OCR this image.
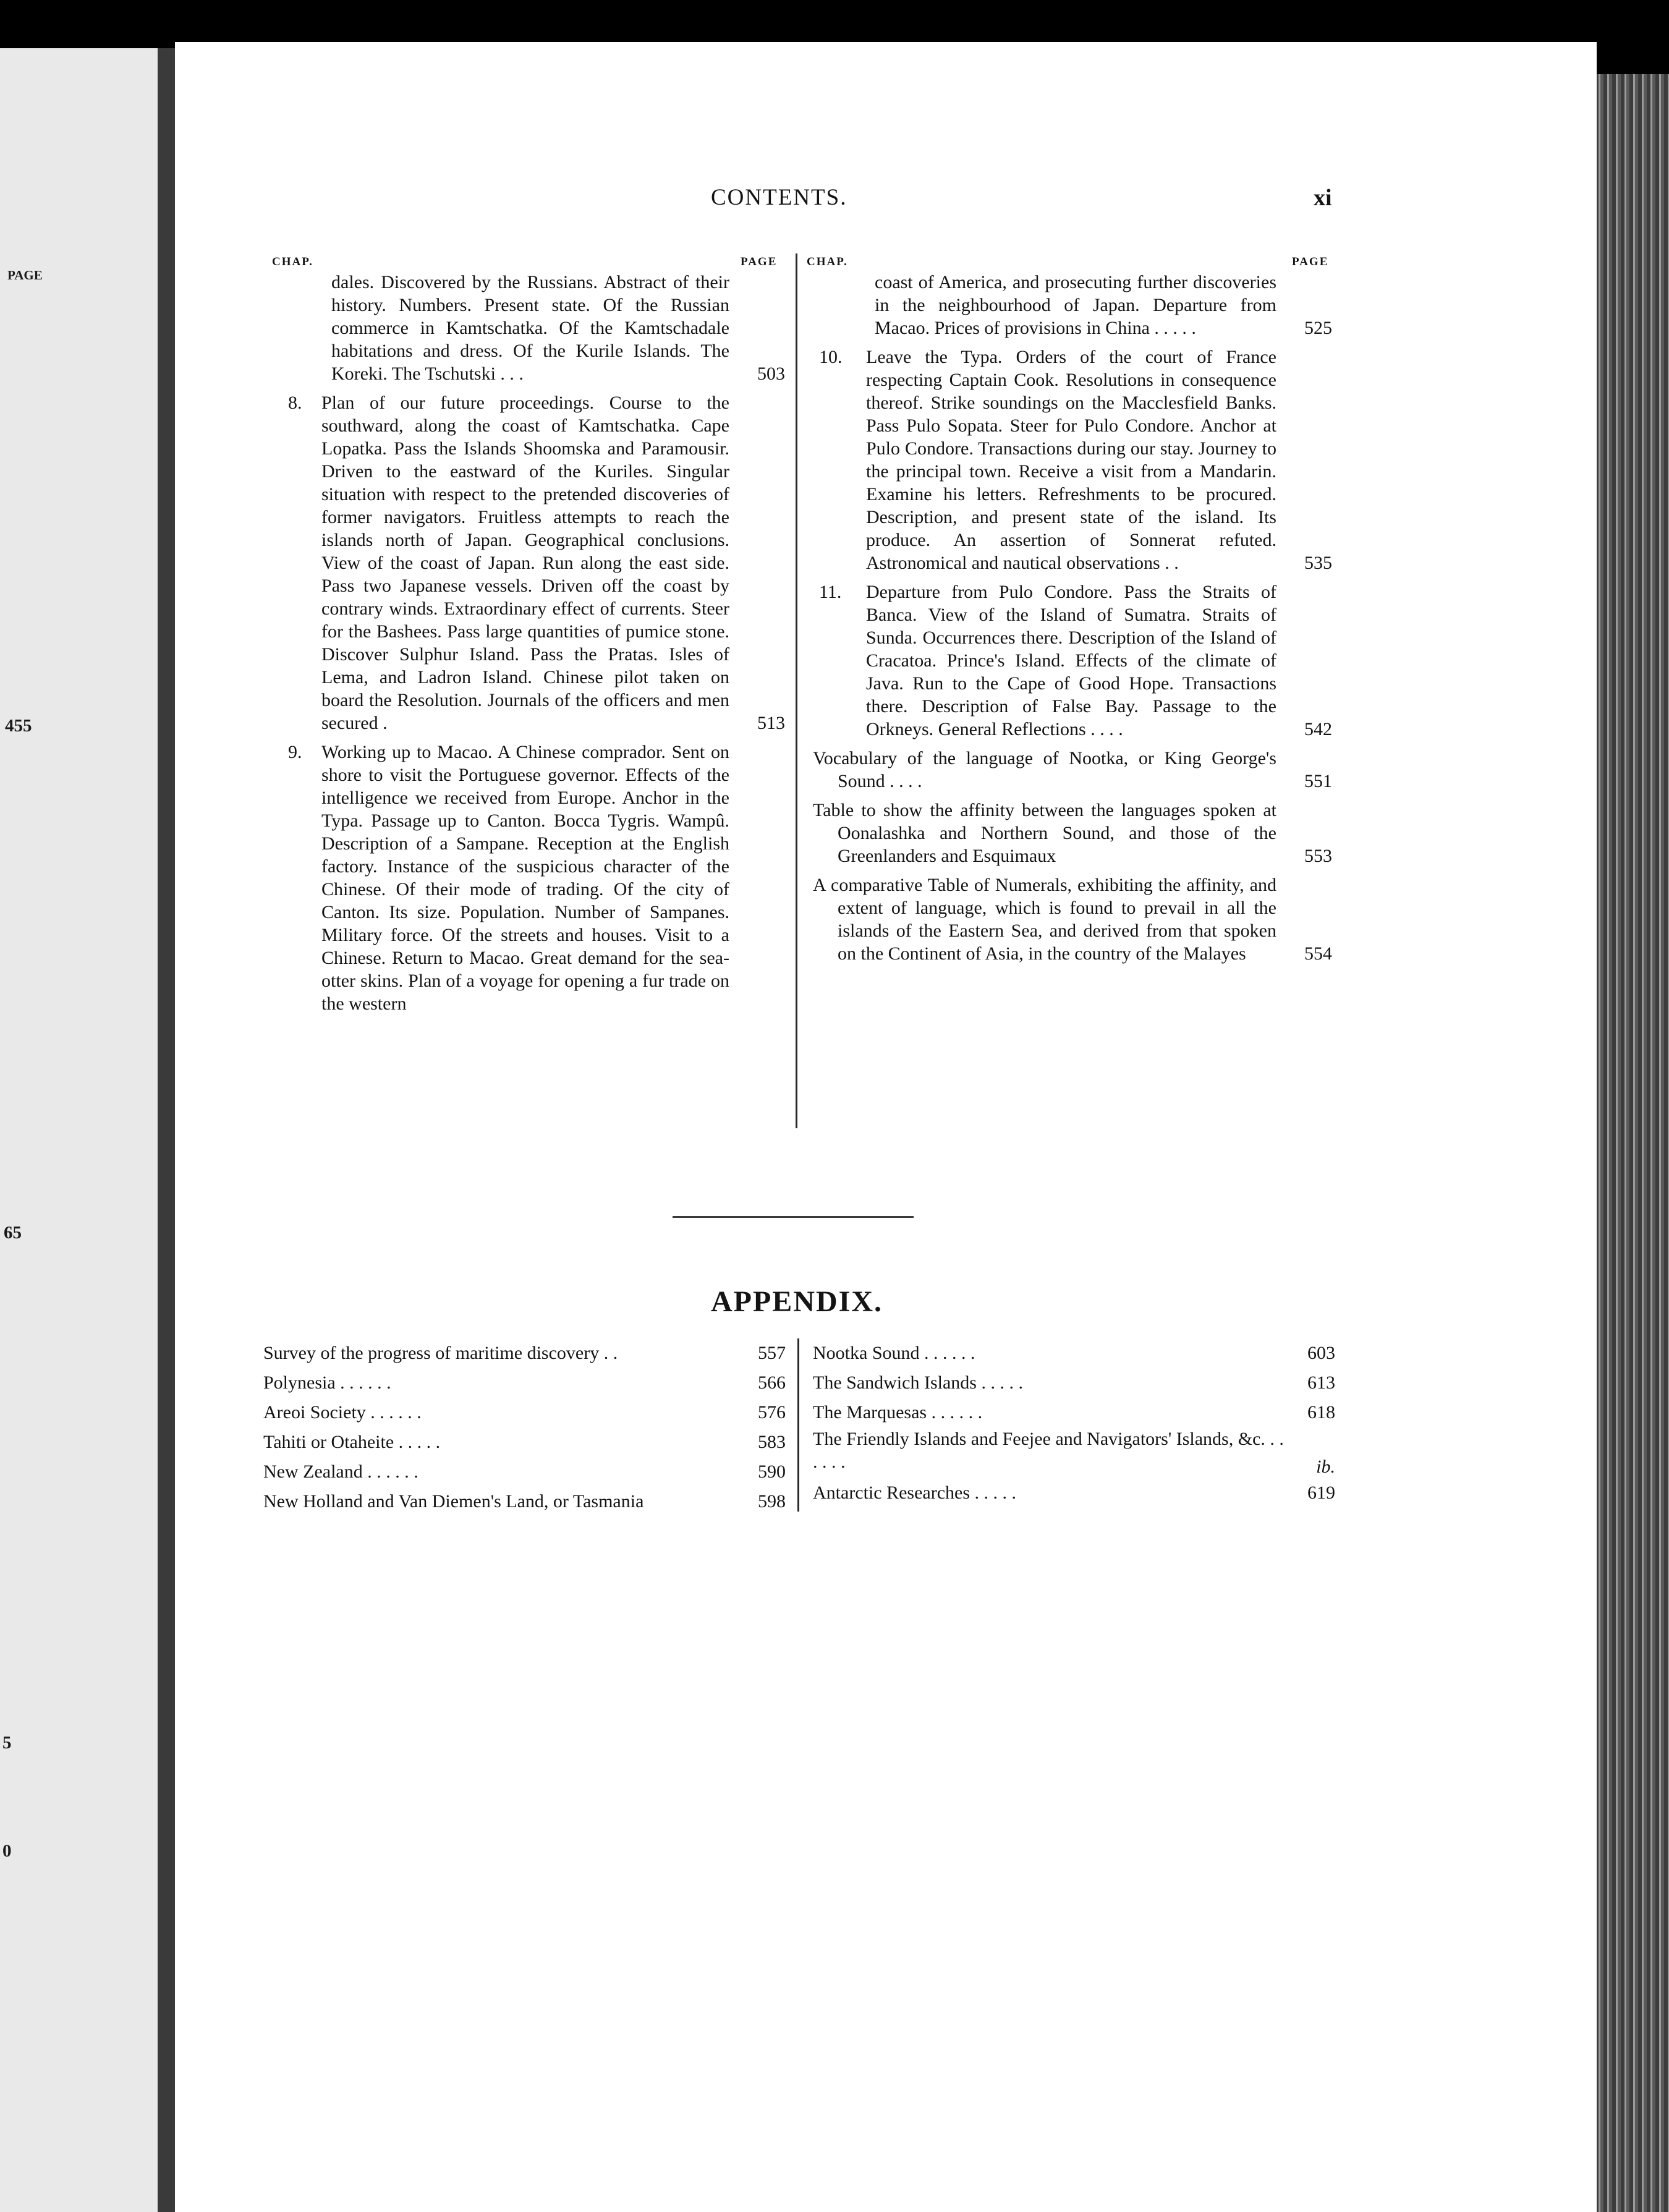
PAGE
455
65
5
0
CONTENTS.	xi
CHAP.	PAGE	CHAP.	PAGE
dales. Discovered by the Russians. Abstract of their history. Numbers. Present state. Of the Russian commerce in Kamtschatka. Of the Kamtschadale habitations and dress. Of the Kurile Islands. The Koreki. The Tschutski . . .	503
8. Plan of our future proceedings. Course to the southward, along the coast of Kamtschatka. Cape Lopatka. Pass the Islands Shoomska and Paramousir. Driven to the eastward of the Kuriles. Singular situation with respect to the pretended discoveries of former navigators. Fruitless attempts to reach the islands north of Japan. Geographical conclusions. View of the coast of Japan. Run along the east side. Pass two Japanese vessels. Driven off the coast by contrary winds. Extraordinary effect of currents. Steer for the Bashees. Pass large quantities of pumice stone. Discover Sulphur Island. Pass the Pratas. Isles of Lema, and Ladron Island. Chinese pilot taken on board the Resolution. Journals of the officers and men secured .	513
9. Working up to Macao. A Chinese comprador. Sent on shore to visit the Portuguese governor. Effects of the intelligence we received from Europe. Anchor in the Typa. Passage up to Canton. Bocca Tygris. Wampû. Description of a Sampane. Reception at the English factory. Instance of the suspicious character of the Chinese. Of their mode of trading. Of the city of Canton. Its size. Population. Number of Sampanes. Military force. Of the streets and houses. Visit to a Chinese. Return to Macao. Great demand for the sea-otter skins. Plan of a voyage for opening a fur trade on the western
coast of America, and prosecuting further discoveries in the neighbourhood of Japan. Departure from Macao. Prices of provisions in China . . . . .	525
10. Leave the Typa. Orders of the court of France respecting Captain Cook. Resolutions in consequence thereof. Strike soundings on the Macclesfield Banks. Pass Pulo Sopata. Steer for Pulo Condore. Anchor at Pulo Condore. Transactions during our stay. Journey to the principal town. Receive a visit from a Mandarin. Examine his letters. Refreshments to be procured. Description, and present state of the island. Its produce. An assertion of Sonnerat refuted. Astronomical and nautical observations . .	535
11. Departure from Pulo Condore. Pass the Straits of Banca. View of the Island of Sumatra. Straits of Sunda. Occurrences there. Description of the Island of Cracatoa. Prince's Island. Effects of the climate of Java. Run to the Cape of Good Hope. Transactions there. Description of False Bay. Passage to the Orkneys. General Reflections . . . .	542
Vocabulary of the language of Nootka, or King George's Sound . . . .	551
Table to show the affinity between the languages spoken at Oonalashka and Northern Sound, and those of the Greenlanders and Esquimaux	553
A comparative Table of Numerals, exhibiting the affinity, and extent of language, which is found to prevail in all the islands of the Eastern Sea, and derived from that spoken on the Continent of Asia, in the country of the Malayes	554
APPENDIX.
Survey of the progress of maritime discovery . .	557
Polynesia . . . . . .	566
Areoi Society . . . . . .	576
Tahiti or Otaheite . . . . .	583
New Zealand . . . . . .	590
New Holland and Van Diemen's Land, or Tasmania	598
Nootka Sound . . . . . .	603
The Sandwich Islands . . . . .	613
The Marquesas . . . . . .	618
The Friendly Islands and Feejee and Navigators' Islands, &c. . . . . . .	ib.
Antarctic Researches . . . . .	619
